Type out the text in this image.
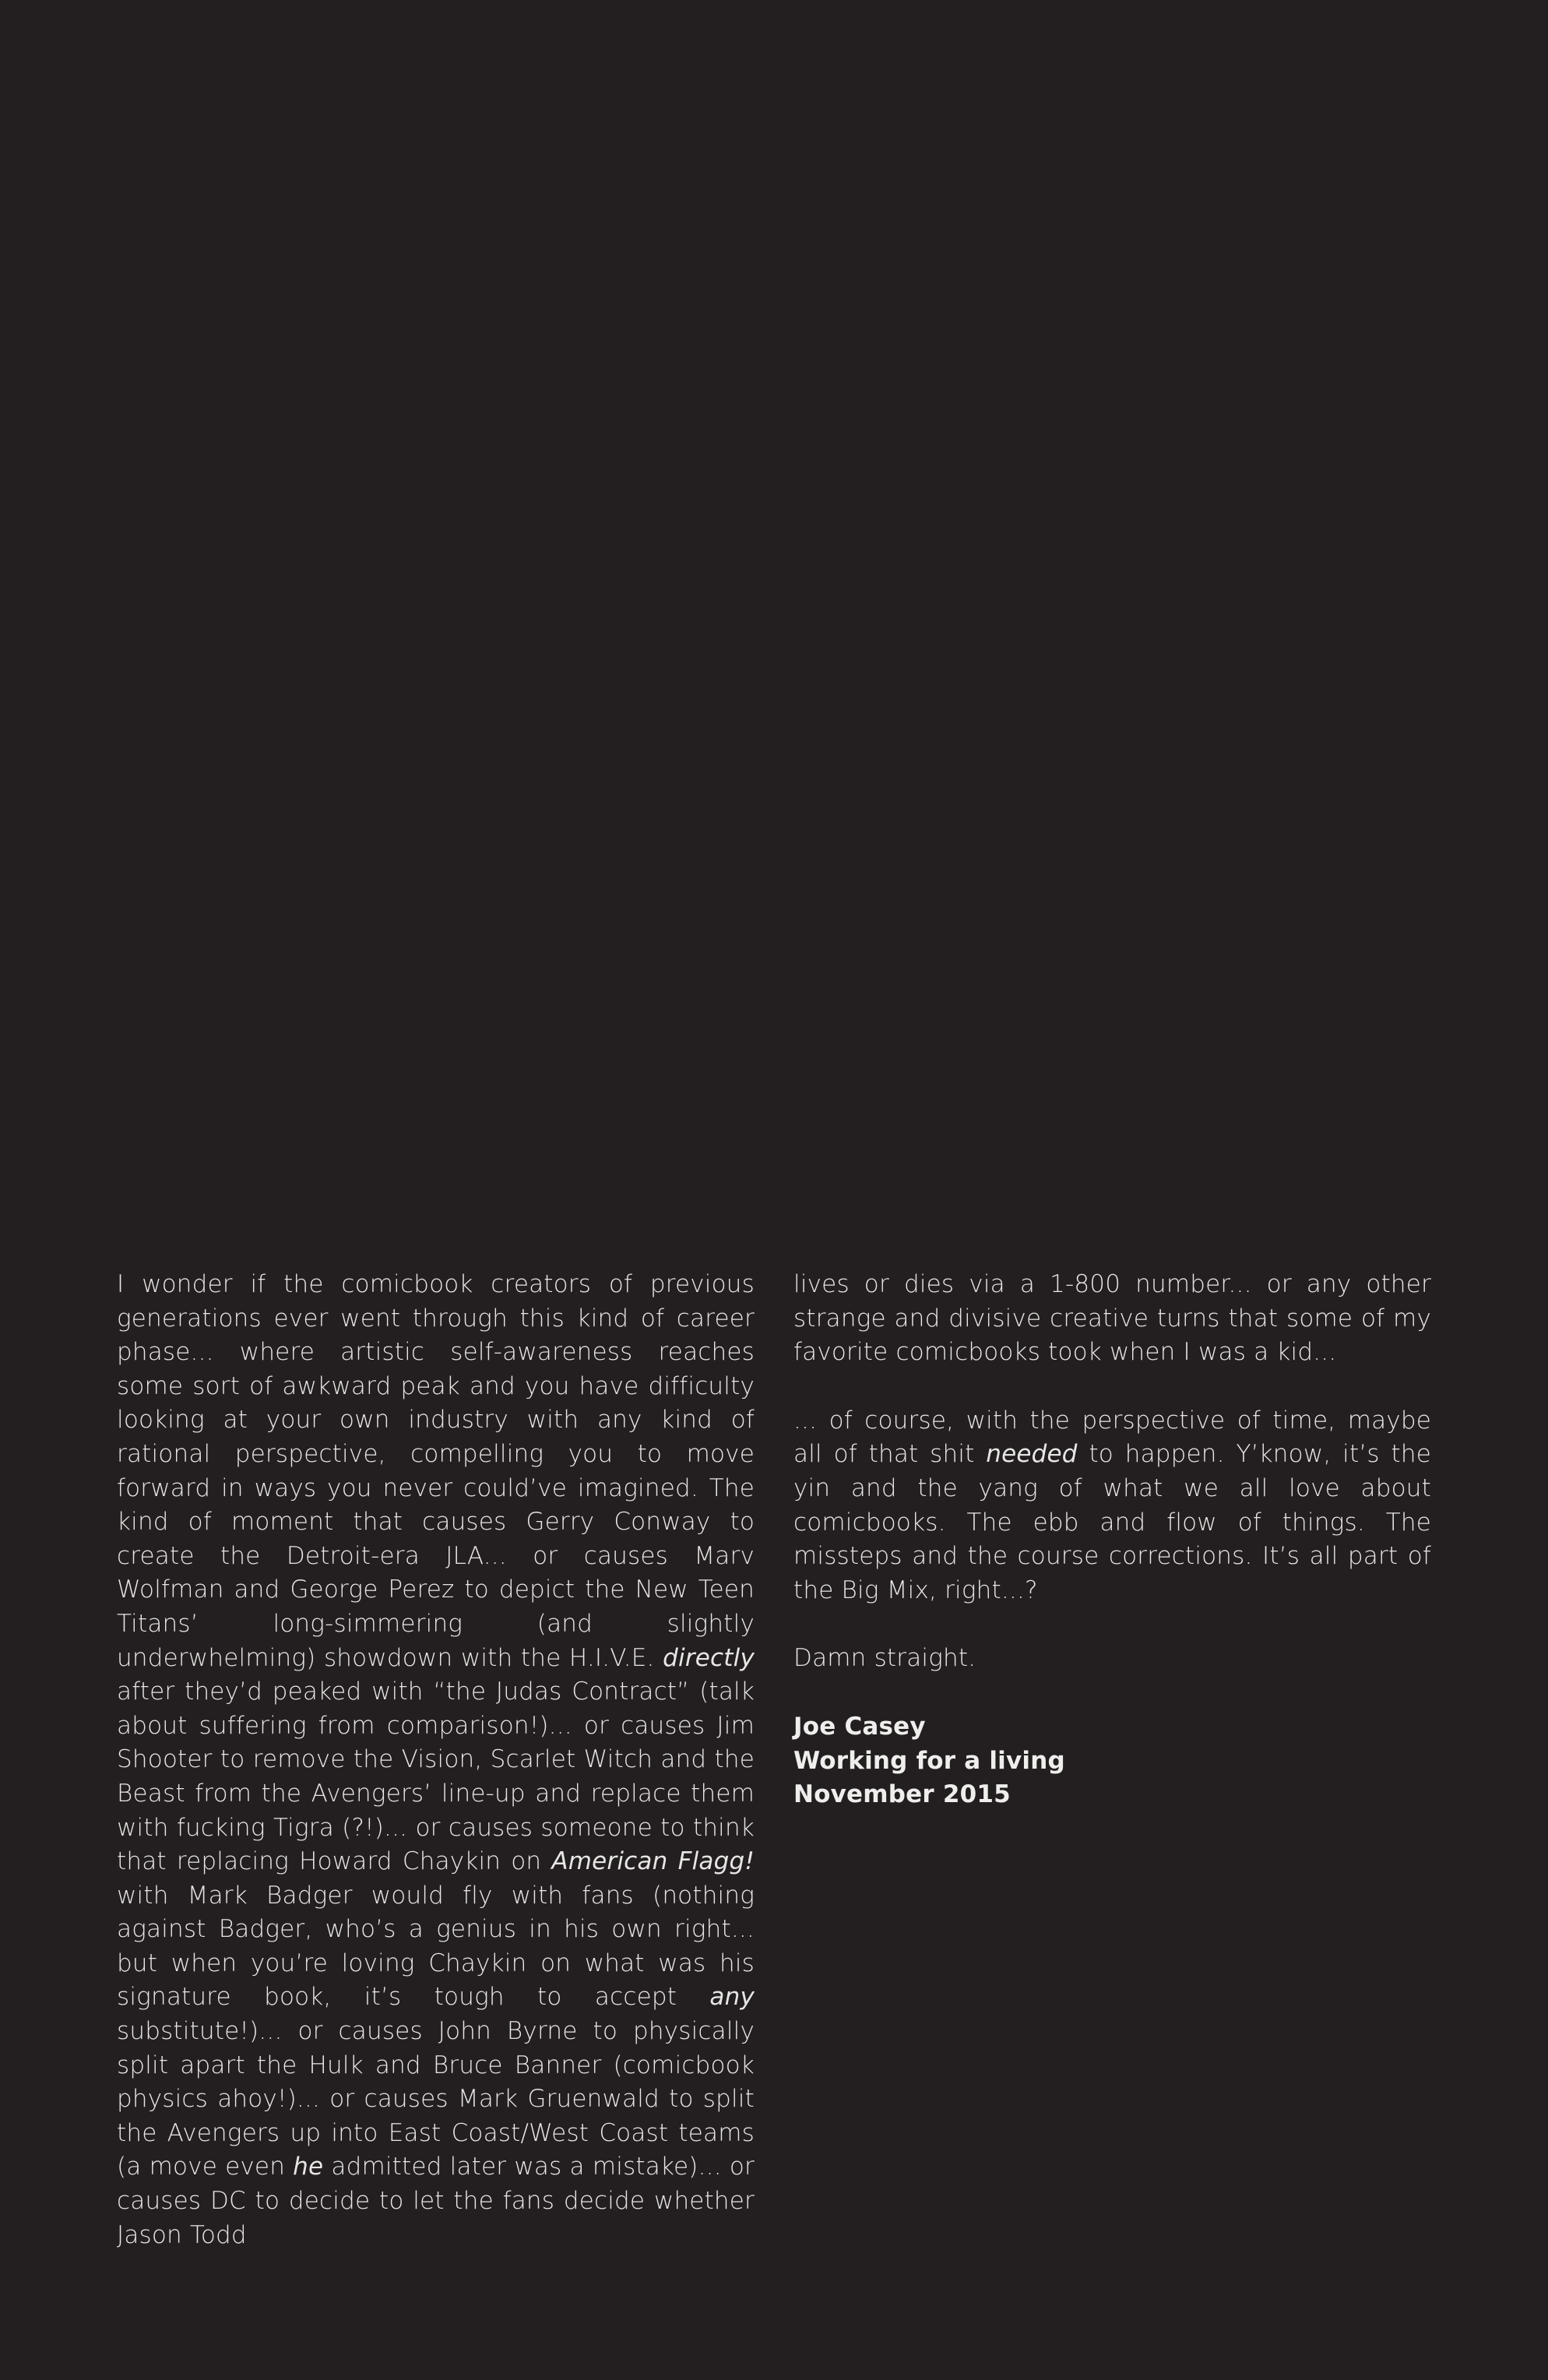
I wonder if the comicbook creators of previous generations ever went through this kind of career phase... where artistic self-awareness reaches some sort of awkward peak and you have difficulty looking at your own industry with any kind of rational perspective, compelling you to move forward in ways you never could’ve imagined. The kind of moment that causes Gerry Conway to create the Detroit-era JLA... or causes Marv Wolfman and George Perez to depict the New Teen Titans’ long-simmering (and slightly underwhelming) showdown with the H.I.V.E. directly after they’d peaked with “the Judas Contract” (talk about suffering from comparison!)... or causes Jim Shooter to remove the Vision, Scarlet Witch and the Beast from the Avengers’ line-up and replace them with fucking Tigra (?!)... or causes someone to think that replacing Howard Chaykin on American Flagg! with Mark Badger would fly with fans (nothing against Badger, who’s a genius in his own right... but when you’re loving Chaykin on what was his signature book, it’s tough to accept any substitute!)... or causes John Byrne to physically split apart the Hulk and Bruce Banner (comicbook physics ahoy!)... or causes Mark Gruenwald to split the Avengers up into East Coast/West Coast teams (a move even he admitted later was a mistake)... or causes DC to decide to let the fans decide whether Jason Todd

lives or dies via a 1-800 number... or any other strange and divisive creative turns that some of my favorite comicbooks took when I was a kid...

... of course, with the perspective of time, maybe all of that shit needed to happen. Y’know, it’s the yin and the yang of what we all love about comicbooks. The ebb and flow of things. The missteps and the course corrections. It’s all part of the Big Mix, right...?

Damn straight.

Joe Casey
Working for a living
November 2015
